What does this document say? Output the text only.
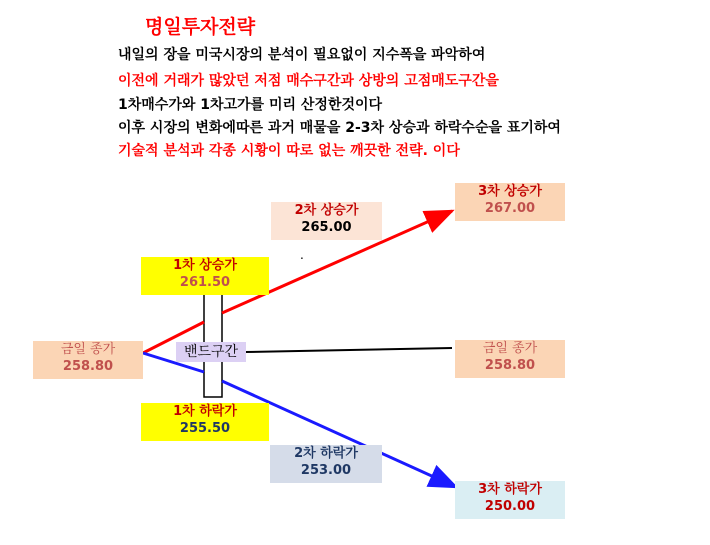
명일투자전략
내일의 장을 미국시장의 분석이 필요없이 지수폭을 파악하여
이전에 거래가 많았던 저점 매수구간과 상방의 고점매도구간을
1차매수가와 1차고가를 미리 산정한것이다
이후 시장의 변화에따른 과거 매물을 2-3차 상승과 하락수순을 표기하여
기술적 분석과 각종 시황이 따로 없는 깨끗한 전략. 이다
밴드구간
.
금일 종가
258.80
1차 상승가
261.50
2차 상승가
265.00
3차 상승가
267.00
금일 종가
258.80
1차 하락가
255.50
2차 하락가
253.00
3차 하락가
250.00
